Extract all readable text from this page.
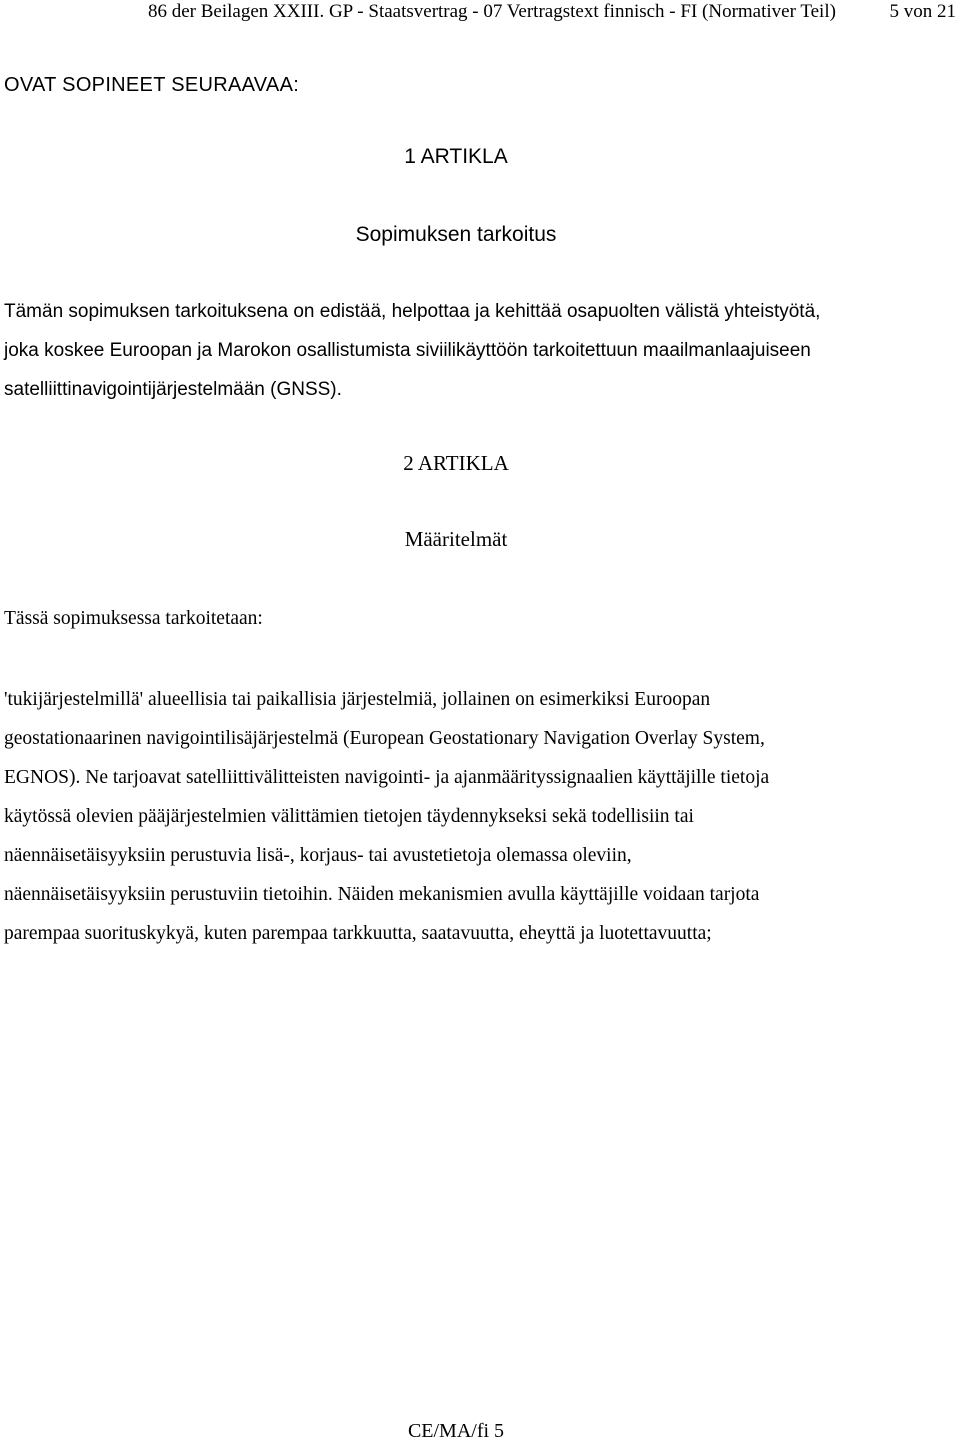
86 der Beilagen XXIII. GP - Staatsvertrag - 07 Vertragstext finnisch - FI (Normativer Teil)	5 von 21
OVAT SOPINEET SEURAAVAA:
1 ARTIKLA
Sopimuksen tarkoitus
Tämän sopimuksen tarkoituksena on edistää, helpottaa ja kehittää osapuolten välistä yhteistyötä,
joka koskee Euroopan ja Marokon osallistumista siviilikäyttöön tarkoitettuun maailmanlaajuiseen
satelliittinavigointijärjestelmään (GNSS).
2 ARTIKLA
Määritelmät
Tässä sopimuksessa tarkoitetaan:
'tukijärjestelmillä' alueellisia tai paikallisia järjestelmiä, jollainen on esimerkiksi Euroopan
geostationaarinen navigointilisäjärjestelmä (European Geostationary Navigation Overlay System,
EGNOS). Ne tarjoavat satelliittivälitteisten navigointi- ja ajanmäärityssignaalien käyttäjille tietoja
käytössä olevien pääjärjestelmien välittämien tietojen täydennykseksi sekä todellisiin tai
näennäisetäisyyksiin perustuvia lisä-, korjaus- tai avustetietoja olemassa oleviin,
näennäisetäisyyksiin perustuviin tietoihin. Näiden mekanismien avulla käyttäjille voidaan tarjota
parempaa suorituskykyä, kuten parempaa tarkkuutta, saatavuutta, eheyttä ja luotettavuutta;
CE/MA/fi 5
